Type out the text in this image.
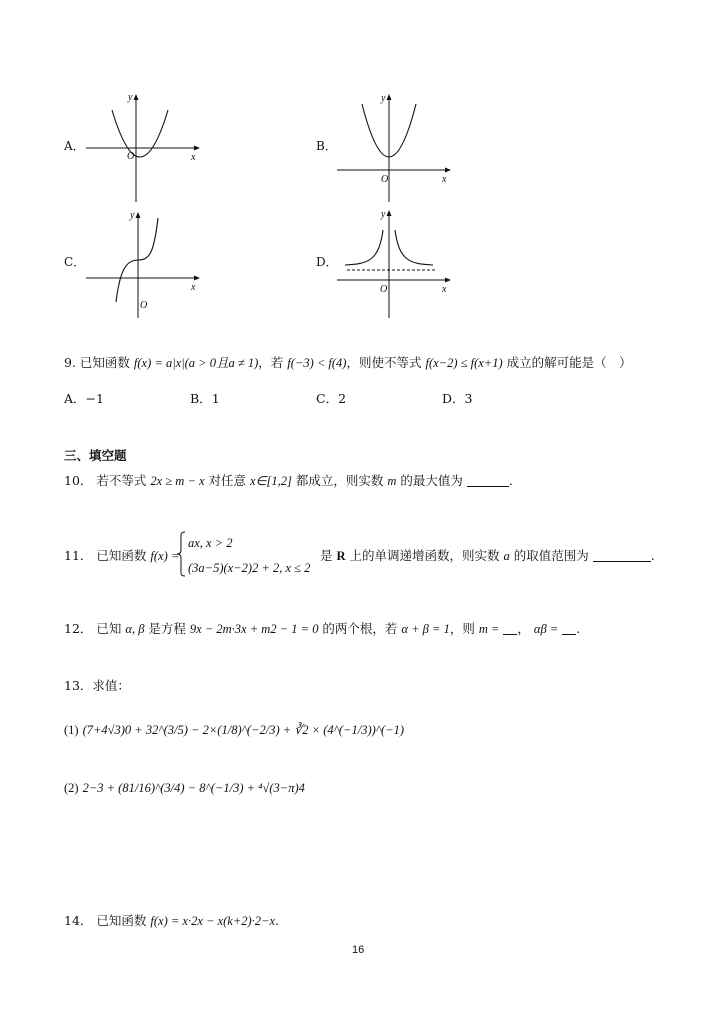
A．
y
x
O
B．
y
x
O
C．
y
x
O
D．
y
x
O
9. 已知函数 f(x) = a|x|(a > 0且a ≠ 1)，若 f(−3) < f(4)，则使不等式 f(x−2) ≤ f(x+1) 成立的解可能是（　）
A．−1	B．1	C．2	D．3
三、填空题
10． 若不等式 2x ≥ m − x 对任意 x∈[1,2] 都成立，则实数 m 的最大值为	.
11． 已知函数 f(x) =
ax, x > 2
(3a−5)(x−2)2 + 2, x ≤ 2
是 R 上的单调递增函数，则实数 a 的取值范围为	.
12． 已知 α, β 是方程 9x − 2m·3x + m2 − 1 = 0 的两个根，若 α + β = 1，则 m = ， αβ = .
13．求值：
(1) (7+4√3)0 + 32^(3/5) − 2×(1/8)^(−2/3) + ∛2 × (4^(−1/3))^(−1)
(2) 2−3 + (81/16)^(3/4) − 8^(−1/3) + ⁴√(3−π)4
14． 已知函数 f(x) = x·2x − x(k+2)·2−x.
16
